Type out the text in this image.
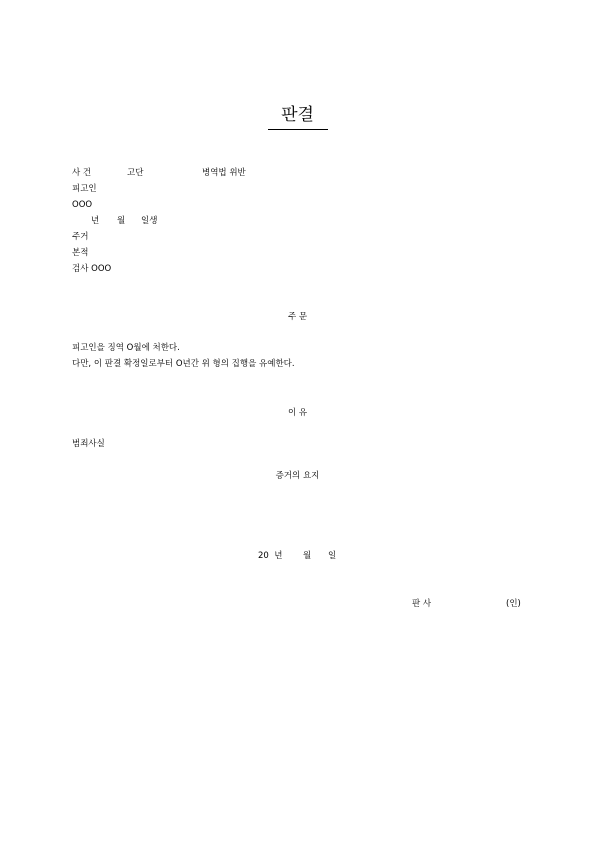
판결
사 건	고단	병역법 위반
피고인
OOO
년 월 일생
주거
본적
검사 OOO
주 문
피고인을 징역 O월에 처한다.
다만, 이 판결 확정일로부터 O년간 위 형의 집행을 유예한다.
이 유
범죄사실
증거의 요지
20  년 월 일
판 사	(인)
